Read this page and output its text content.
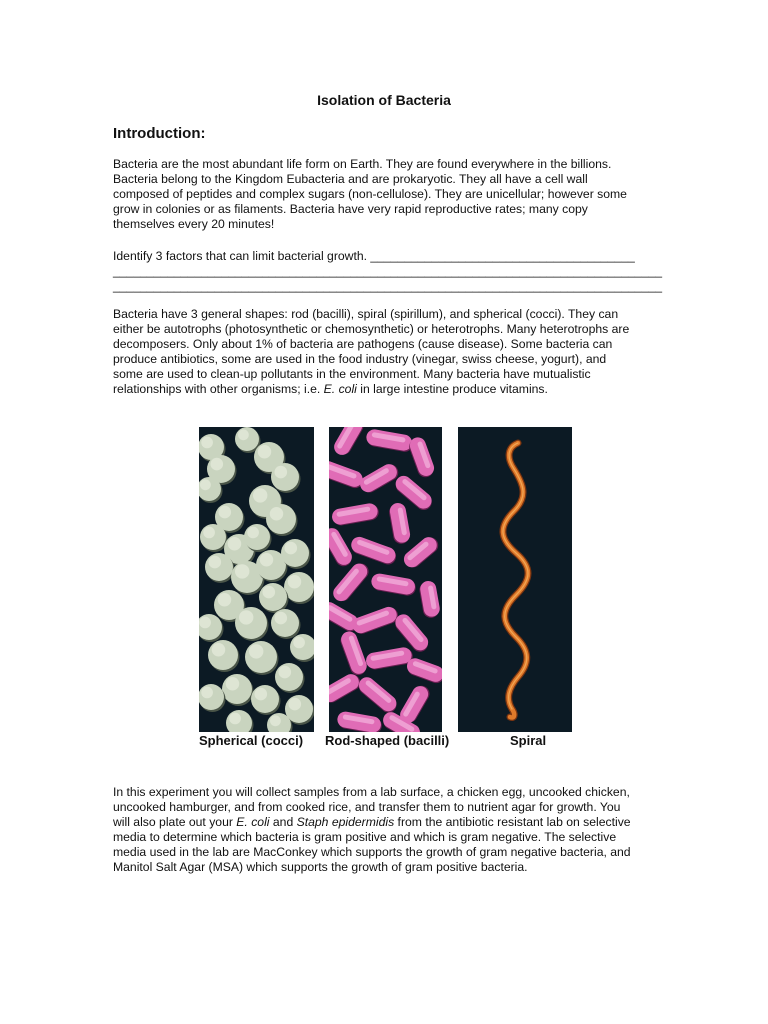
Isolation of Bacteria
Introduction:
Bacteria are the most abundant life form on Earth. They are found everywhere in the billions.
Bacteria belong to the Kingdom Eubacteria and are prokaryotic. They all have a cell wall
composed of peptides and complex sugars (non-cellulose). They are unicellular; however some
grow in colonies or as filaments. Bacteria have very rapid reproductive rates; many copy
themselves every 20 minutes!
Identify 3 factors that can limit bacterial growth. _______________________________________
_________________________________________________________________________________
_________________________________________________________________________________
Bacteria have 3 general shapes: rod (bacilli), spiral (spirillum), and spherical (cocci). They can
either be autotrophs (photosynthetic or chemosynthetic) or heterotrophs. Many heterotrophs are
decomposers. Only about 1% of bacteria are pathogens (cause disease). Some bacteria can
produce antibiotics, some are used in the food industry (vinegar, swiss cheese, yogurt), and
some are used to clean-up pollutants in the environment. Many bacteria have mutualistic
relationships with other organisms; i.e. E. coli in large intestine produce vitamins.
Spherical (cocci) Rod-shaped (bacilli)	Spiral
In this experiment you will collect samples from a lab surface, a chicken egg, uncooked chicken,
uncooked hamburger, and from cooked rice, and transfer them to nutrient agar for growth. You
will also plate out your E. coli and Staph epidermidis from the antibiotic resistant lab on selective
media to determine which bacteria is gram positive and which is gram negative. The selective
media used in the lab are MacConkey which supports the growth of gram negative bacteria, and
Manitol Salt Agar (MSA) which supports the growth of gram positive bacteria.
